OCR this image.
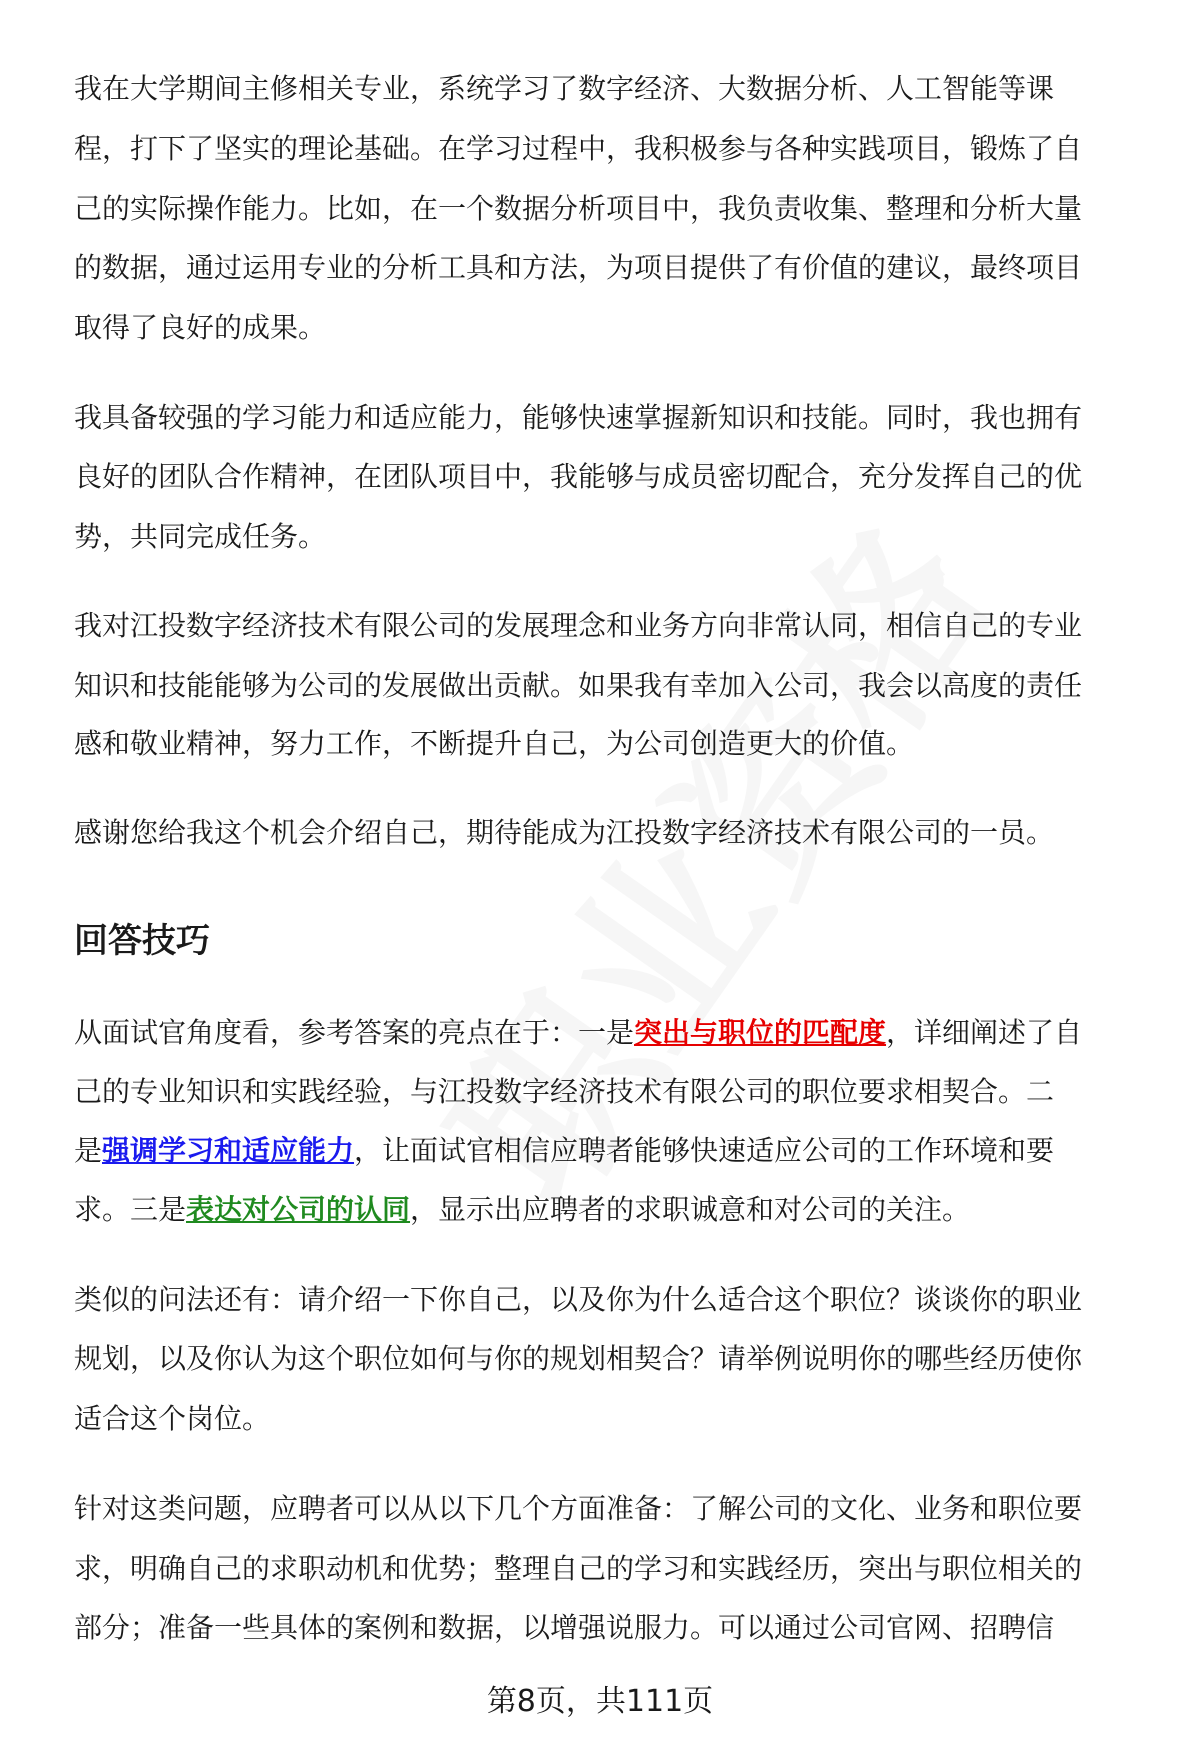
我在大学期间主修相关专业，系统学习了数字经济、大数据分析、人工智能等课
程，打下了坚实的理论基础。在学习过程中，我积极参与各种实践项目，锻炼了自
己的实际操作能力。比如，在一个数据分析项目中，我负责收集、整理和分析大量
的数据，通过运用专业的分析工具和方法，为项目提供了有价值的建议，最终项目
取得了良好的成果。
我具备较强的学习能力和适应能力，能够快速掌握新知识和技能。同时，我也拥有
良好的团队合作精神，在团队项目中，我能够与成员密切配合，充分发挥自己的优
势，共同完成任务。
我对江投数字经济技术有限公司的发展理念和业务方向非常认同，相信自己的专业
知识和技能能够为公司的发展做出贡献。如果我有幸加入公司，我会以高度的责任
感和敬业精神，努力工作，不断提升自己，为公司创造更大的价值。
感谢您给我这个机会介绍自己，期待能成为江投数字经济技术有限公司的一员。
回答技巧
从面试官角度看，参考答案的亮点在于：一是突出与职位的匹配度，详细阐述了自
己的专业知识和实践经验，与江投数字经济技术有限公司的职位要求相契合。二
是强调学习和适应能力，让面试官相信应聘者能够快速适应公司的工作环境和要
求。三是表达对公司的认同，显示出应聘者的求职诚意和对公司的关注。
类似的问法还有：请介绍一下你自己，以及你为什么适合这个职位？谈谈你的职业
规划，以及你认为这个职位如何与你的规划相契合？请举例说明你的哪些经历使你
适合这个岗位。
针对这类问题，应聘者可以从以下几个方面准备：了解公司的文化、业务和职位要
求，明确自己的求职动机和优势；整理自己的学习和实践经历，突出与职位相关的
部分；准备一些具体的案例和数据，以增强说服力。可以通过公司官网、招聘信
第8页，共111页
